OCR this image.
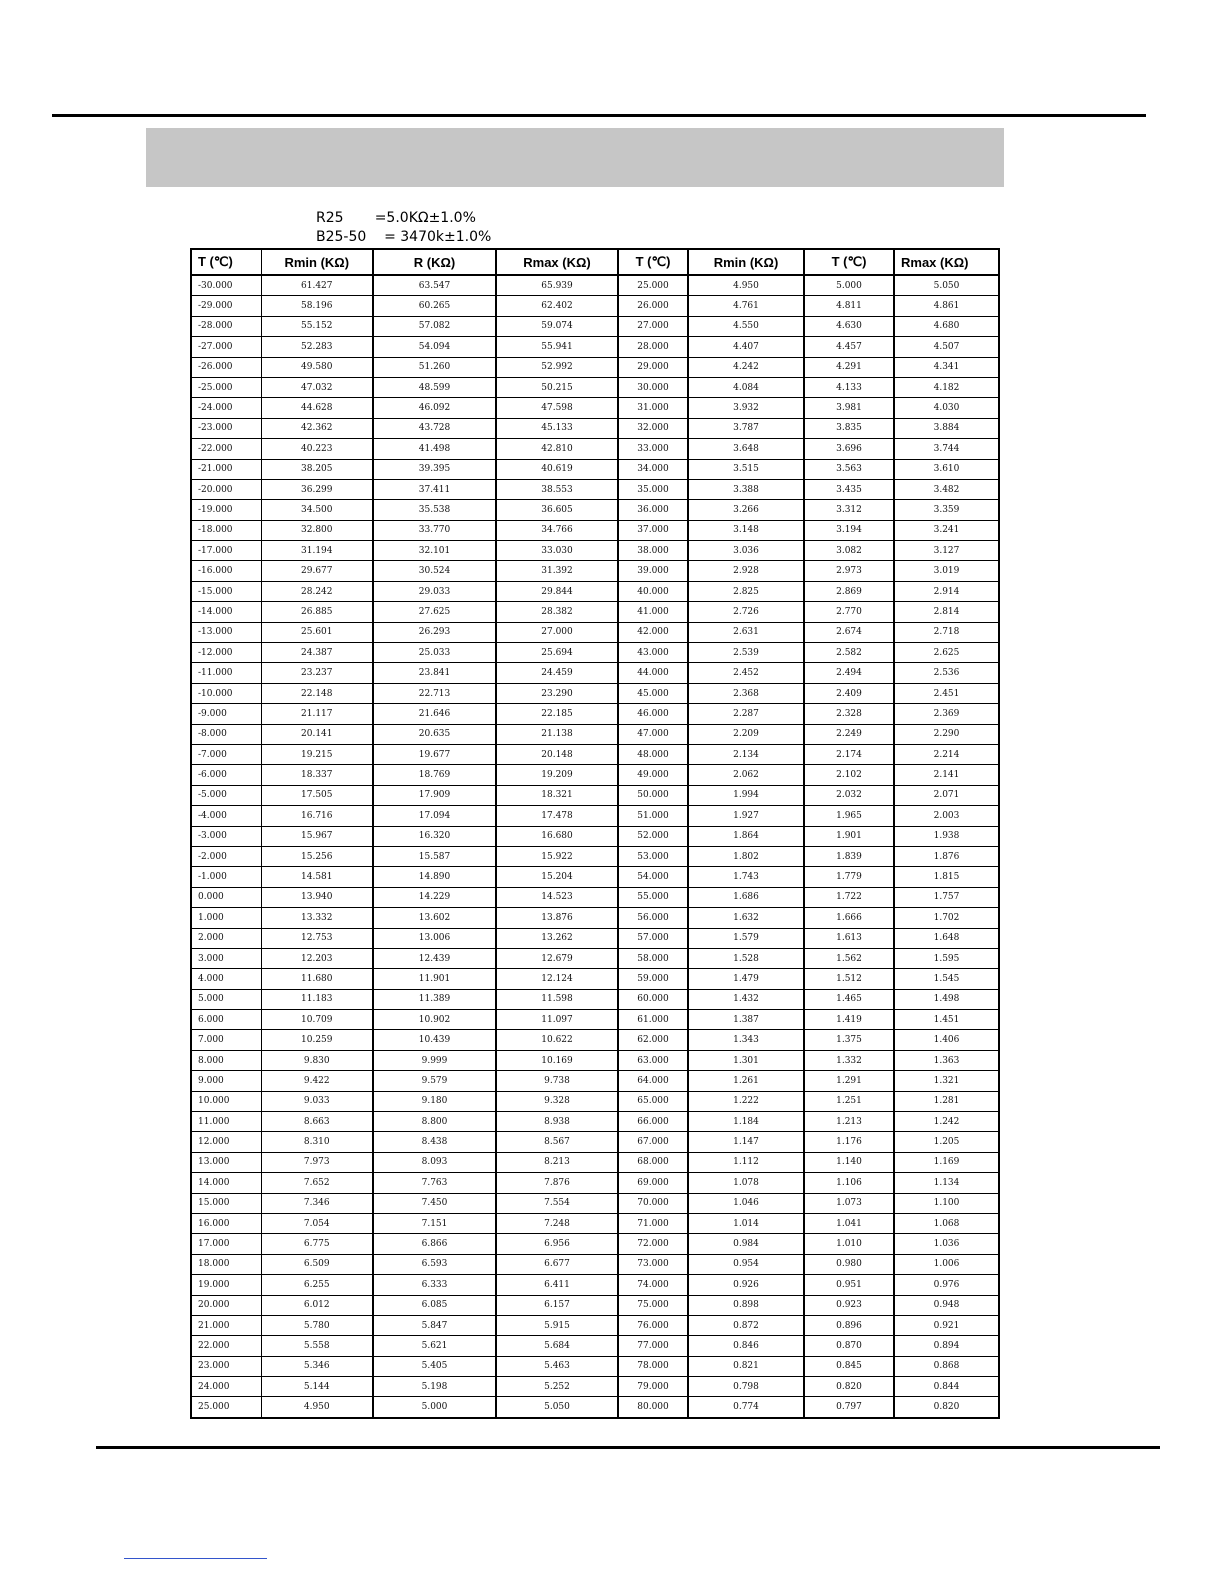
R25       =5.0KΩ±1.0%
B25-50    = 3470k±1.0%
T (℃)	Rmin (KΩ)	R (KΩ)	Rmax (KΩ)	T (℃)	Rmin (KΩ)	T (℃)	Rmax (KΩ)
-30.000	61.427	63.547	65.939	25.000	4.950	5.000	5.050
-29.000	58.196	60.265	62.402	26.000	4.761	4.811	4.861
-28.000	55.152	57.082	59.074	27.000	4.550	4.630	4.680
-27.000	52.283	54.094	55.941	28.000	4.407	4.457	4.507
-26.000	49.580	51.260	52.992	29.000	4.242	4.291	4.341
-25.000	47.032	48.599	50.215	30.000	4.084	4.133	4.182
-24.000	44.628	46.092	47.598	31.000	3.932	3.981	4.030
-23.000	42.362	43.728	45.133	32.000	3.787	3.835	3.884
-22.000	40.223	41.498	42.810	33.000	3.648	3.696	3.744
-21.000	38.205	39.395	40.619	34.000	3.515	3.563	3.610
-20.000	36.299	37.411	38.553	35.000	3.388	3.435	3.482
-19.000	34.500	35.538	36.605	36.000	3.266	3.312	3.359
-18.000	32.800	33.770	34.766	37.000	3.148	3.194	3.241
-17.000	31.194	32.101	33.030	38.000	3.036	3.082	3.127
-16.000	29.677	30.524	31.392	39.000	2.928	2.973	3.019
-15.000	28.242	29.033	29.844	40.000	2.825	2.869	2.914
-14.000	26.885	27.625	28.382	41.000	2.726	2.770	2.814
-13.000	25.601	26.293	27.000	42.000	2.631	2.674	2.718
-12.000	24.387	25.033	25.694	43.000	2.539	2.582	2.625
-11.000	23.237	23.841	24.459	44.000	2.452	2.494	2.536
-10.000	22.148	22.713	23.290	45.000	2.368	2.409	2.451
-9.000	21.117	21.646	22.185	46.000	2.287	2.328	2.369
-8.000	20.141	20.635	21.138	47.000	2.209	2.249	2.290
-7.000	19.215	19.677	20.148	48.000	2.134	2.174	2.214
-6.000	18.337	18.769	19.209	49.000	2.062	2.102	2.141
-5.000	17.505	17.909	18.321	50.000	1.994	2.032	2.071
-4.000	16.716	17.094	17.478	51.000	1.927	1.965	2.003
-3.000	15.967	16.320	16.680	52.000	1.864	1.901	1.938
-2.000	15.256	15.587	15.922	53.000	1.802	1.839	1.876
-1.000	14.581	14.890	15.204	54.000	1.743	1.779	1.815
0.000	13.940	14.229	14.523	55.000	1.686	1.722	1.757
1.000	13.332	13.602	13.876	56.000	1.632	1.666	1.702
2.000	12.753	13.006	13.262	57.000	1.579	1.613	1.648
3.000	12.203	12.439	12.679	58.000	1.528	1.562	1.595
4.000	11.680	11.901	12.124	59.000	1.479	1.512	1.545
5.000	11.183	11.389	11.598	60.000	1.432	1.465	1.498
6.000	10.709	10.902	11.097	61.000	1.387	1.419	1.451
7.000	10.259	10.439	10.622	62.000	1.343	1.375	1.406
8.000	9.830	9.999	10.169	63.000	1.301	1.332	1.363
9.000	9.422	9.579	9.738	64.000	1.261	1.291	1.321
10.000	9.033	9.180	9.328	65.000	1.222	1.251	1.281
11.000	8.663	8.800	8.938	66.000	1.184	1.213	1.242
12.000	8.310	8.438	8.567	67.000	1.147	1.176	1.205
13.000	7.973	8.093	8.213	68.000	1.112	1.140	1.169
14.000	7.652	7.763	7.876	69.000	1.078	1.106	1.134
15.000	7.346	7.450	7.554	70.000	1.046	1.073	1.100
16.000	7.054	7.151	7.248	71.000	1.014	1.041	1.068
17.000	6.775	6.866	6.956	72.000	0.984	1.010	1.036
18.000	6.509	6.593	6.677	73.000	0.954	0.980	1.006
19.000	6.255	6.333	6.411	74.000	0.926	0.951	0.976
20.000	6.012	6.085	6.157	75.000	0.898	0.923	0.948
21.000	5.780	5.847	5.915	76.000	0.872	0.896	0.921
22.000	5.558	5.621	5.684	77.000	0.846	0.870	0.894
23.000	5.346	5.405	5.463	78.000	0.821	0.845	0.868
24.000	5.144	5.198	5.252	79.000	0.798	0.820	0.844
25.000	4.950	5.000	5.050	80.000	0.774	0.797	0.820
